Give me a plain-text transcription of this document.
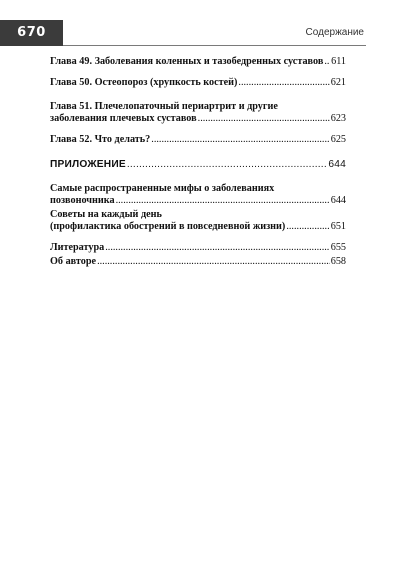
670	Содержание
Глава 49. Заболевания коленных и тазобедренных суставов ..... 611
Глава 50. Остеопороз (хрупкость костей) .....	621
Глава 51. Плечелопаточный периартрит и другие
заболевания плечевых суставов .....	623
Глава 52. Что делать? .....	625
ПРИЛОЖЕНИЕ .....	644
Самые распространенные мифы о заболеваниях
позвоночника .....	644
Советы на каждый день
(профилактика обострений в повседневной жизни) .....	651
Литература .....	655
Об авторе .....	658
